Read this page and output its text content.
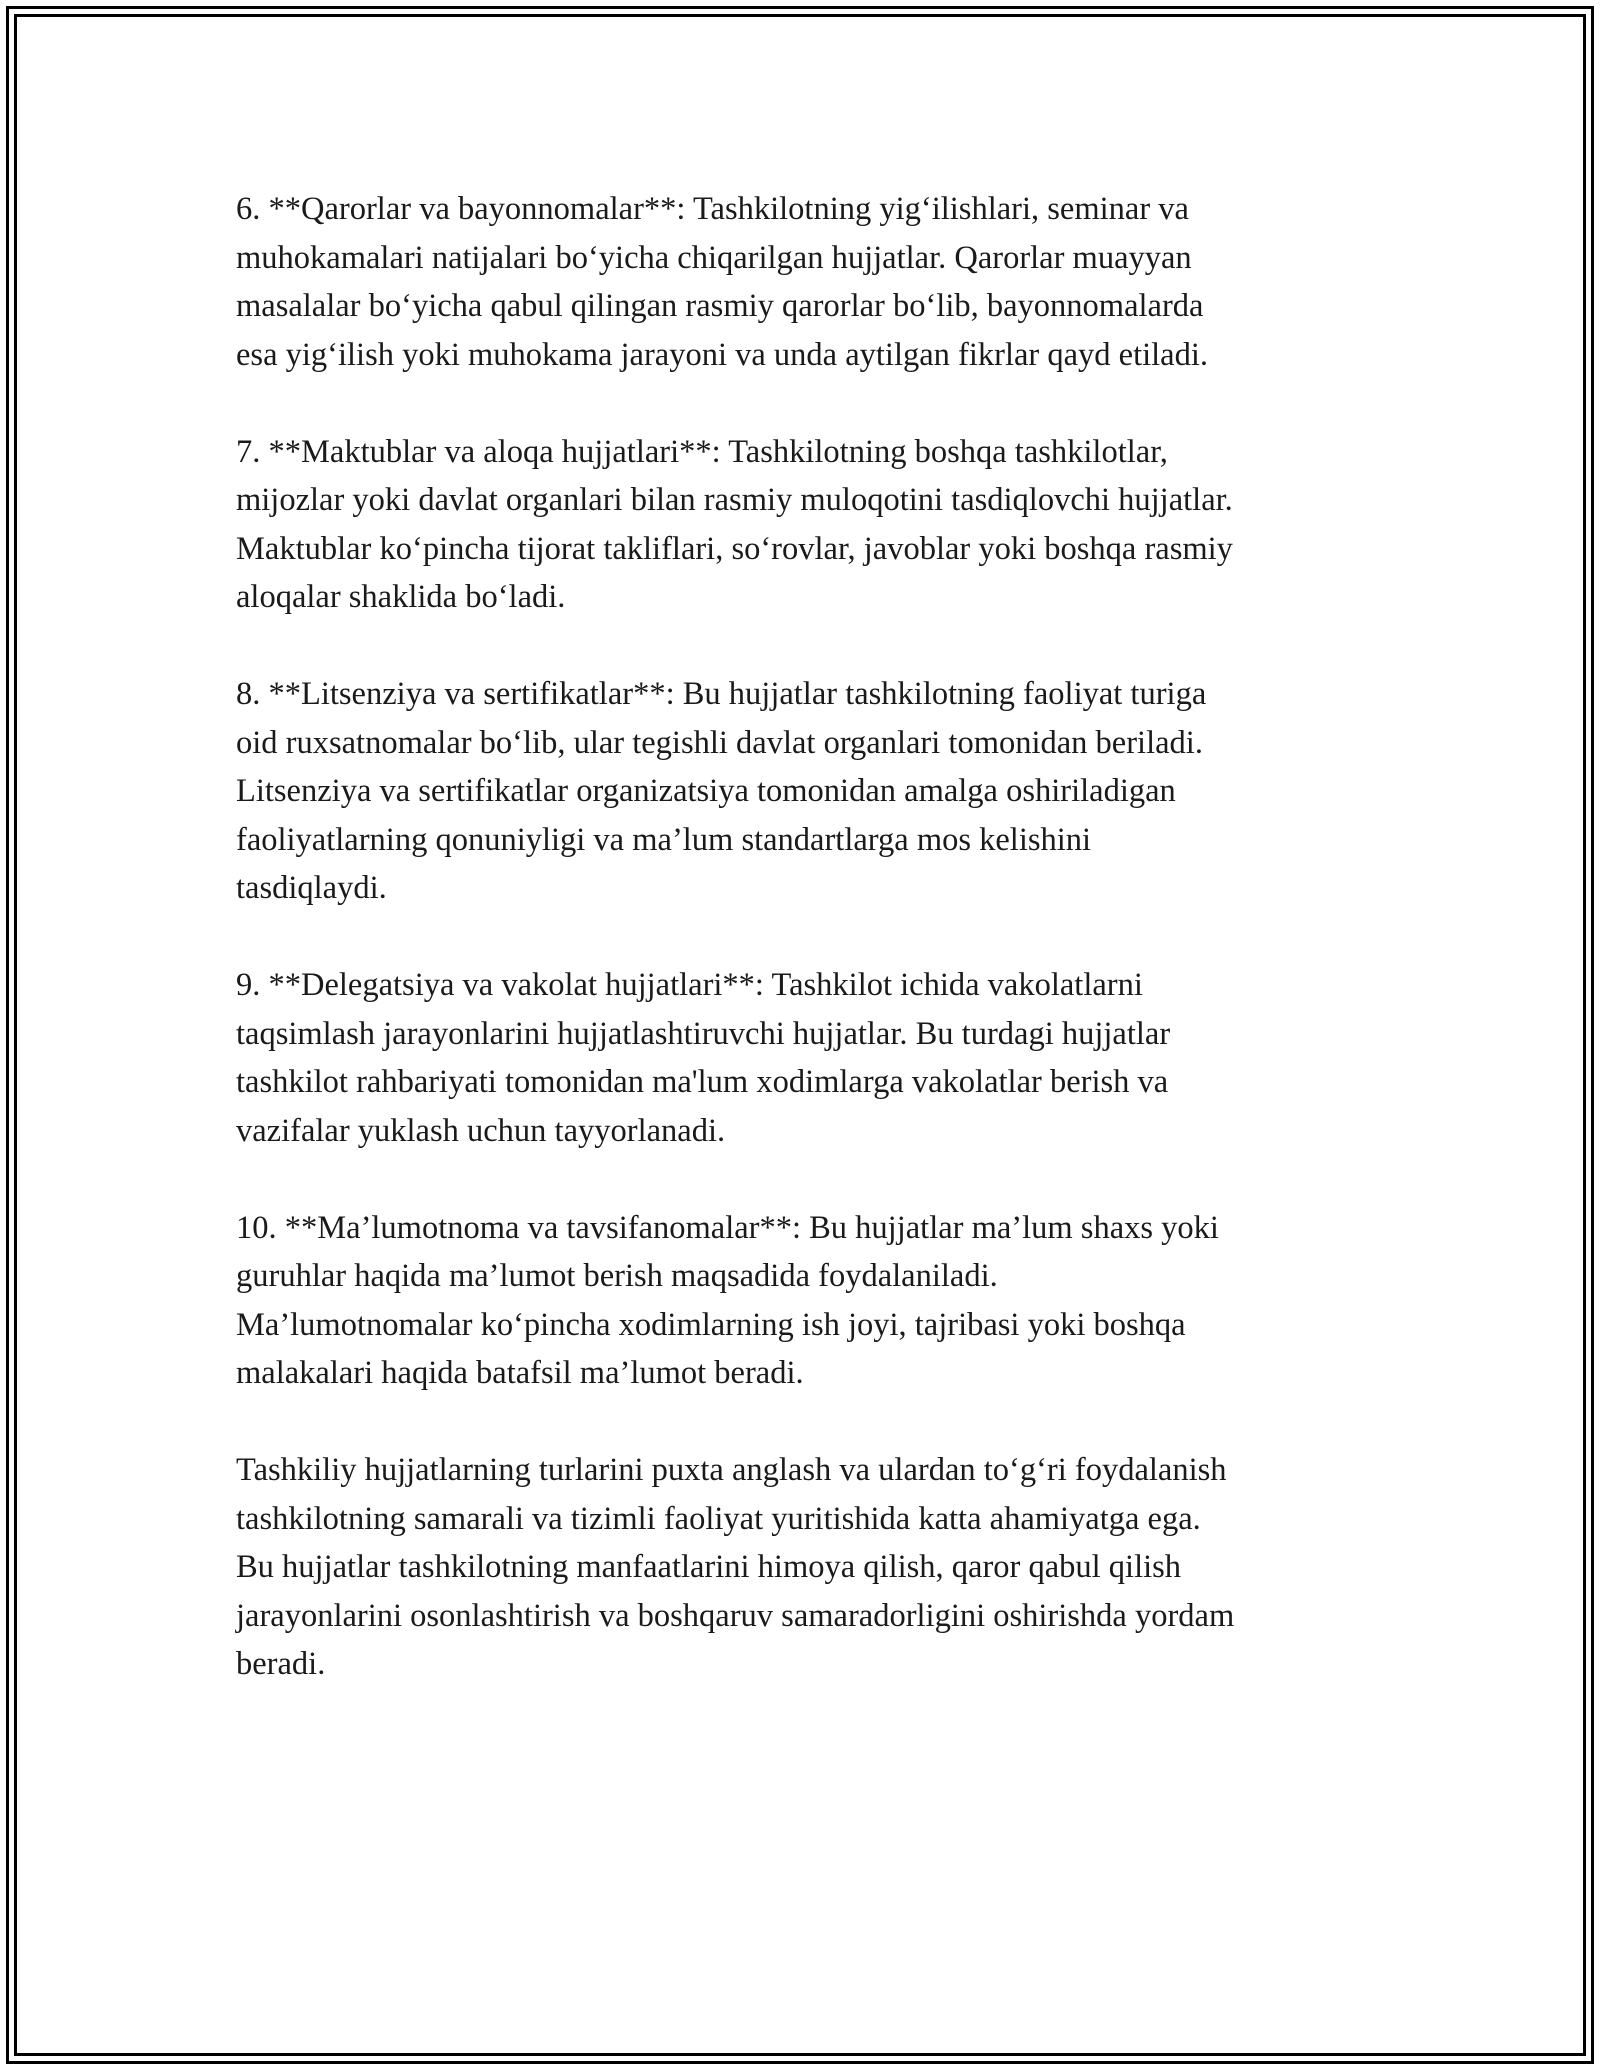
6. **Qarorlar va bayonnomalar**: Tashkilotning yig‘ilishlari, seminar va
muhokamalari natijalari bo‘yicha chiqarilgan hujjatlar. Qarorlar muayyan
masalalar bo‘yicha qabul qilingan rasmiy qarorlar bo‘lib, bayonnomalarda
esa yig‘ilish yoki muhokama jarayoni va unda aytilgan fikrlar qayd etiladi.

7. **Maktublar va aloqa hujjatlari**: Tashkilotning boshqa tashkilotlar,
mijozlar yoki davlat organlari bilan rasmiy muloqotini tasdiqlovchi hujjatlar.
Maktublar ko‘pincha tijorat takliflari, so‘rovlar, javoblar yoki boshqa rasmiy
aloqalar shaklida bo‘ladi.

8. **Litsenziya va sertifikatlar**: Bu hujjatlar tashkilotning faoliyat turiga
oid ruxsatnomalar bo‘lib, ular tegishli davlat organlari tomonidan beriladi.
Litsenziya va sertifikatlar organizatsiya tomonidan amalga oshiriladigan
faoliyatlarning qonuniyligi va ma’lum standartlarga mos kelishini
tasdiqlaydi.

9. **Delegatsiya va vakolat hujjatlari**: Tashkilot ichida vakolatlarni
taqsimlash jarayonlarini hujjatlashtiruvchi hujjatlar. Bu turdagi hujjatlar
tashkilot rahbariyati tomonidan ma'lum xodimlarga vakolatlar berish va
vazifalar yuklash uchun tayyorlanadi.

10. **Ma’lumotnoma va tavsifanomalar**: Bu hujjatlar ma’lum shaxs yoki
guruhlar haqida ma’lumot berish maqsadida foydalaniladi.
Ma’lumotnomalar ko‘pincha xodimlarning ish joyi, tajribasi yoki boshqa
malakalari haqida batafsil ma’lumot beradi.

Tashkiliy hujjatlarning turlarini puxta anglash va ulardan to‘g‘ri foydalanish
tashkilotning samarali va tizimli faoliyat yuritishida katta ahamiyatga ega.
Bu hujjatlar tashkilotning manfaatlarini himoya qilish, qaror qabul qilish
jarayonlarini osonlashtirish va boshqaruv samaradorligini oshirishda yordam
beradi.
